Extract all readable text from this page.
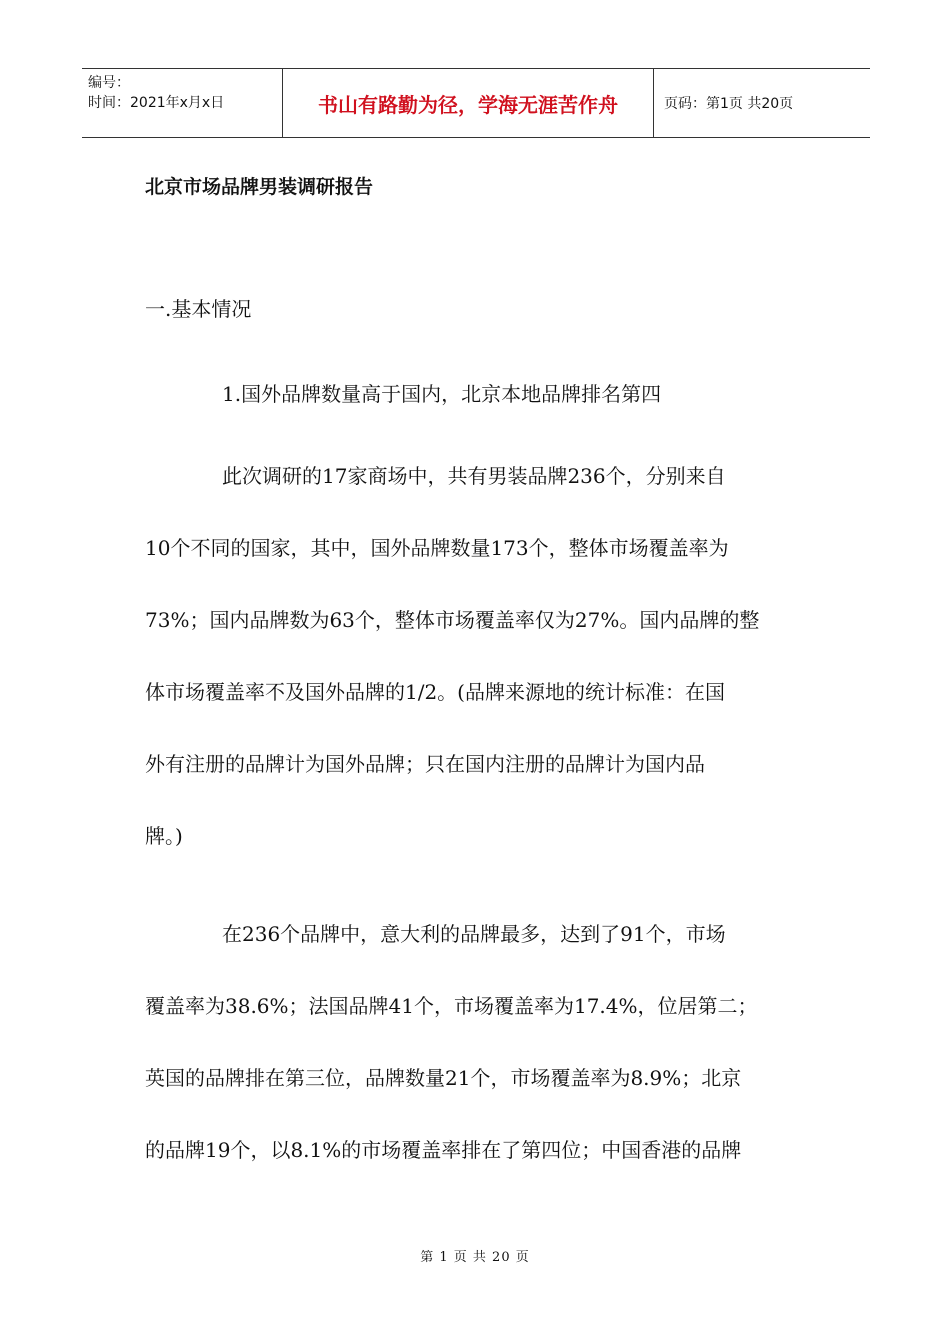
编号：
时间：2021年x月x日	书山有路勤为径，学海无涯苦作舟	页码：第1页 共20页
北京市场品牌男装调研报告
一.基本情况
1.国外品牌数量高于国内，北京本地品牌排名第四
此次调研的17家商场中，共有男装品牌236个，分别来自
10个不同的国家，其中，国外品牌数量173个，整体市场覆盖率为
73%；国内品牌数为63个，整体市场覆盖率仅为27%。国内品牌的整
体市场覆盖率不及国外品牌的1/2。(品牌来源地的统计标准：在国
外有注册的品牌计为国外品牌；只在国内注册的品牌计为国内品
牌。)
在236个品牌中，意大利的品牌最多，达到了91个，市场
覆盖率为38.6%；法国品牌41个，市场覆盖率为17.4%，位居第二；
英国的品牌排在第三位，品牌数量21个，市场覆盖率为8.9%；北京
的品牌19个，以8.1%的市场覆盖率排在了第四位；中国香港的品牌
第 1 页 共 20 页
